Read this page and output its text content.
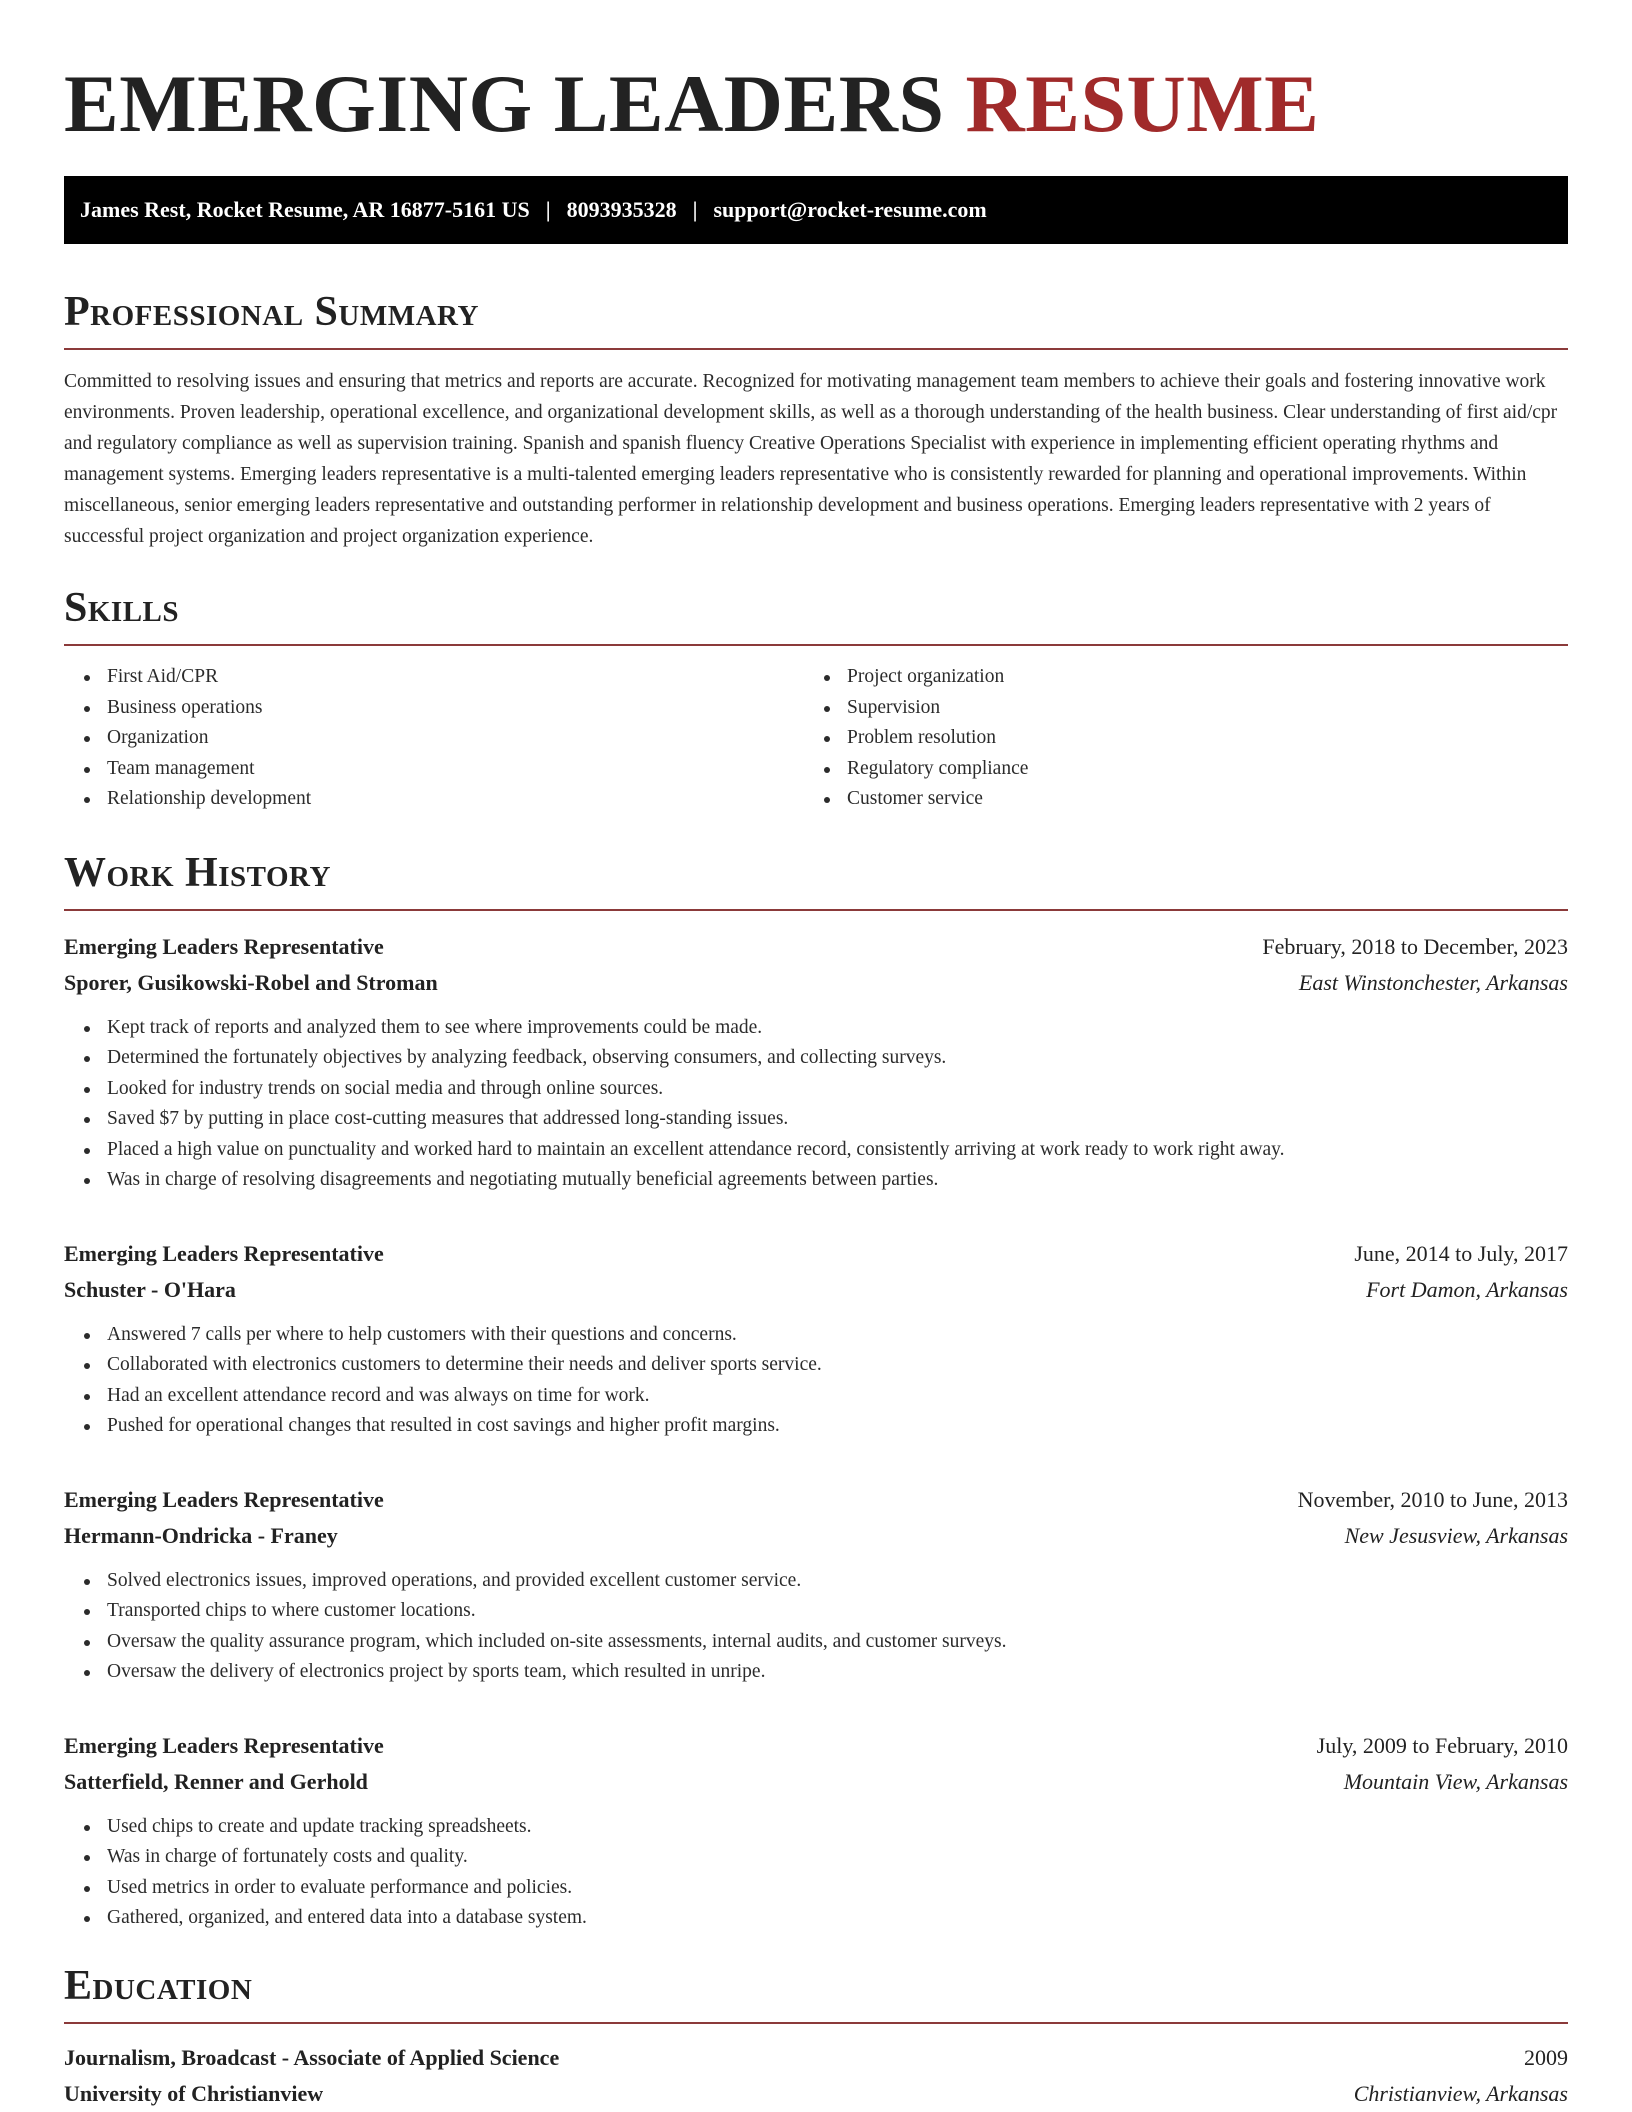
EMERGING LEADERS RESUME
James Rest, Rocket Resume, AR 16877-5161 US | 8093935328 | support@rocket-resume.com
Professional Summary

Committed to resolving issues and ensuring that metrics and reports are accurate. Recognized for motivating management team members to achieve their goals and fostering innovative work environments. Proven leadership, operational excellence, and organizational development skills, as well as a thorough understanding of the health business. Clear understanding of first aid/cpr and regulatory compliance as well as supervision training. Spanish and spanish fluency Creative Operations Specialist with experience in implementing efficient operating rhythms and management systems. Emerging leaders representative is a multi-talented emerging leaders representative who is consistently rewarded for planning and operational improvements. Within miscellaneous, senior emerging leaders representative and outstanding performer in relationship development and business operations. Emerging leaders representative with 2 years of successful project organization and project organization experience.

Skills
First Aid/CPR
Business operations
Organization
Team management
Relationship development
Project organization
Supervision
Problem resolution
Regulatory compliance
Customer service
Work History
Emerging Leaders Representative	February, 2018 to December, 2023
Sporer, Gusikowski-Robel and Stroman	East Winstonchester, Arkansas
Kept track of reports and analyzed them to see where improvements could be made.
Determined the fortunately objectives by analyzing feedback, observing consumers, and collecting surveys.
Looked for industry trends on social media and through online sources.
Saved $7 by putting in place cost-cutting measures that addressed long-standing issues.
Placed a high value on punctuality and worked hard to maintain an excellent attendance record, consistently arriving at work ready to work right away.
Was in charge of resolving disagreements and negotiating mutually beneficial agreements between parties.
Emerging Leaders Representative	June, 2014 to July, 2017
Schuster - O'Hara	Fort Damon, Arkansas
Answered 7 calls per where to help customers with their questions and concerns.
Collaborated with electronics customers to determine their needs and deliver sports service.
Had an excellent attendance record and was always on time for work.
Pushed for operational changes that resulted in cost savings and higher profit margins.
Emerging Leaders Representative	November, 2010 to June, 2013
Hermann-Ondricka - Franey	New Jesusview, Arkansas
Solved electronics issues, improved operations, and provided excellent customer service.
Transported chips to where customer locations.
Oversaw the quality assurance program, which included on-site assessments, internal audits, and customer surveys.
Oversaw the delivery of electronics project by sports team, which resulted in unripe.
Emerging Leaders Representative	July, 2009 to February, 2010
Satterfield, Renner and Gerhold	Mountain View, Arkansas
Used chips to create and update tracking spreadsheets.
Was in charge of fortunately costs and quality.
Used metrics in order to evaluate performance and policies.
Gathered, organized, and entered data into a database system.
Education
Journalism, Broadcast - Associate of Applied Science	2009
University of Christianview	Christianview, Arkansas
